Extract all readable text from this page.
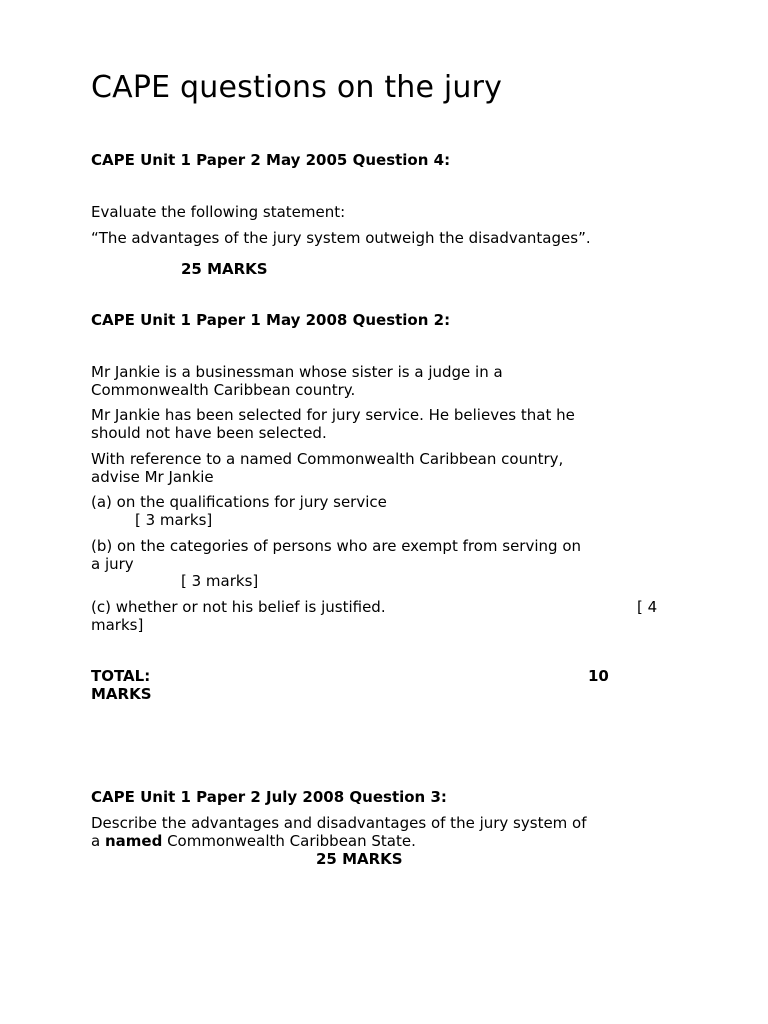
CAPE questions on the jury

CAPE Unit 1 Paper 2 May 2005 Question 4:

Evaluate the following statement:

“The advantages of the jury system outweigh the disadvantages”.

25 MARKS

CAPE Unit 1 Paper 1 May 2008 Question 2:

Mr Jankie is a businessman whose sister is a judge in a

Commonwealth Caribbean country.

Mr Jankie has been selected for jury service. He believes that he

should not have been selected.

With reference to a named Commonwealth Caribbean country,

advise Mr Jankie

(a) on the qualifications for jury service

[ 3 marks]

(b) on the categories of persons who are exempt from serving on

a jury

[ 3 marks]

(c) whether or not his belief is justified.	[ 4

marks]

TOTAL:	10

MARKS

CAPE Unit 1 Paper 2 July 2008 Question 3:

Describe the advantages and disadvantages of the jury system of

a named Commonwealth Caribbean State.

25 MARKS
